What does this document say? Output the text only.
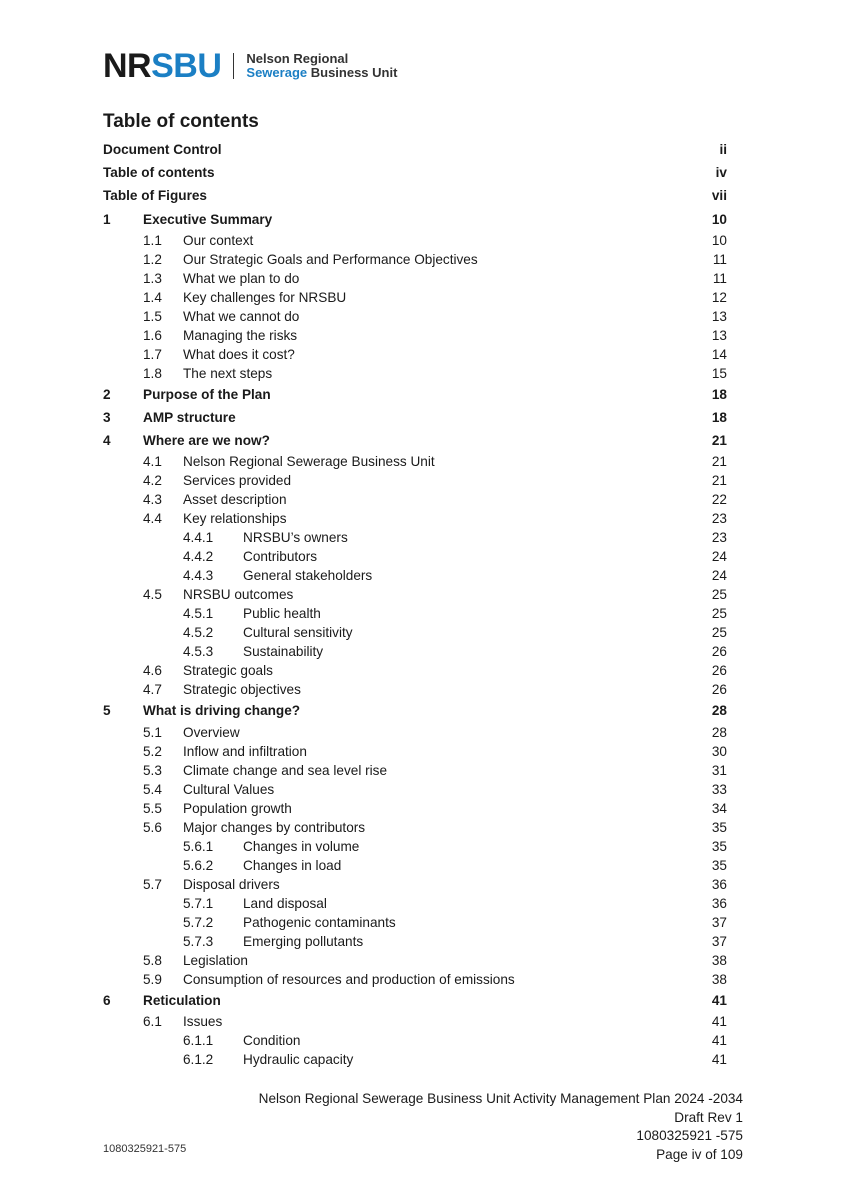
NRSBU Nelson Regional
Sewerage Business Unit
Table of contents
Document Control	ii
Table of contents	iv
Table of Figures	vii
1 Executive Summary	10
1.1 Our context	10
1.2 Our Strategic Goals and Performance Objectives	11
1.3 What we plan to do	11
1.4 Key challenges for NRSBU	12
1.5 What we cannot do	13
1.6 Managing the risks	13
1.7 What does it cost?	14
1.8 The next steps	15
2 Purpose of the Plan	18
3 AMP structure	18
4 Where are we now?	21
4.1 Nelson Regional Sewerage Business Unit	21
4.2 Services provided	21
4.3 Asset description	22
4.4 Key relationships	23
4.4.1 NRSBU’s owners	23
4.4.2 Contributors	24
4.4.3 General stakeholders	24
4.5 NRSBU outcomes	25
4.5.1 Public health	25
4.5.2 Cultural sensitivity	25
4.5.3 Sustainability	26
4.6 Strategic goals	26
4.7 Strategic objectives	26
5 What is driving change?	28
5.1 Overview	28
5.2 Inflow and infiltration	30
5.3 Climate change and sea level rise	31
5.4 Cultural Values	33
5.5 Population growth	34
5.6 Major changes by contributors	35
5.6.1 Changes in volume	35
5.6.2 Changes in load	35
5.7 Disposal drivers	36
5.7.1 Land disposal	36
5.7.2 Pathogenic contaminants	37
5.7.3 Emerging pollutants	37
5.8 Legislation	38
5.9 Consumption of resources and production of emissions	38
6 Reticulation	41
6.1 Issues	41
6.1.1 Condition	41
6.1.2 Hydraulic capacity	41
Nelson Regional Sewerage Business Unit Activity Management Plan 2024 -2034
Draft Rev 1
1080325921 -575
Page iv of 109
1080325921-575
